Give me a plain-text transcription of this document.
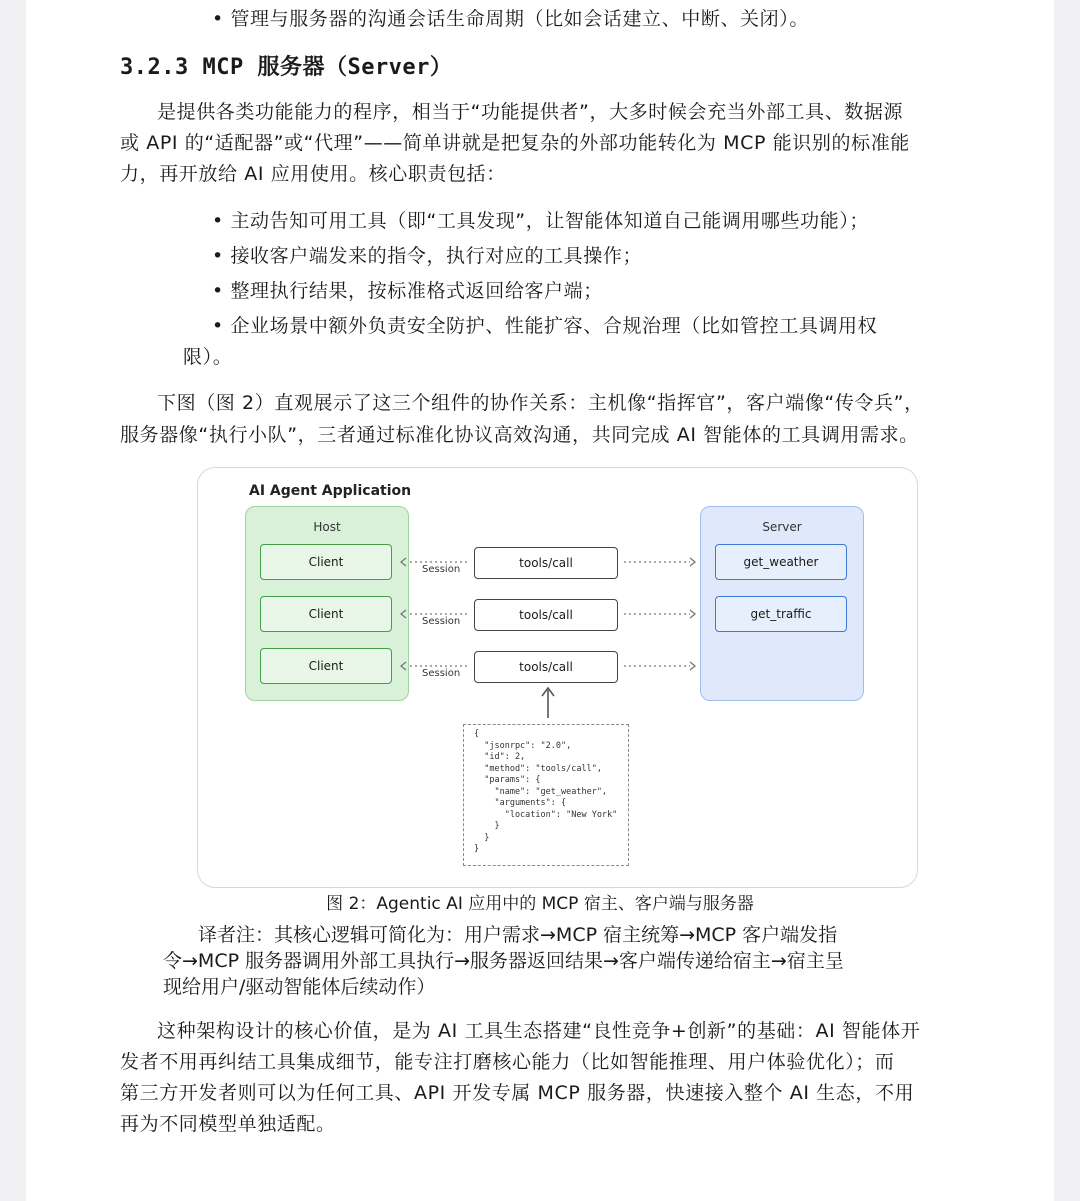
• 管理与服务器的沟通会话生命周期（比如会话建立、中断、关闭）。
3.2.3 MCP 服务器（Server）
是提供各类功能能力的程序，相当于“功能提供者”，大多时候会充当外部工具、数据源
或 API 的“适配器”或“代理”——简单讲就是把复杂的外部功能转化为 MCP 能识别的标准能
力，再开放给 AI 应用使用。核心职责包括：
• 主动告知可用工具（即“工具发现”，让智能体知道自己能调用哪些功能）；
• 接收客户端发来的指令，执行对应的工具操作；
• 整理执行结果，按标准格式返回给客户端；
• 企业场景中额外负责安全防护、性能扩容、合规治理（比如管控工具调用权
限）。
下图（图 2）直观展示了这三个组件的协作关系：主机像“指挥官”，客户端像“传令兵”，
服务器像“执行小队”，三者通过标准化协议高效沟通，共同完成 AI 智能体的工具调用需求。
AI Agent Application
Host
Client
Client
Client
tools/call
tools/call
tools/call
Session
Session
Session
Server
get_weather
get_traffic
{
"jsonrpc": "2.0",
"id": 2,
"method": "tools/call",
"params": {
"name": "get_weather",
"arguments": {
"location": "New York"
}
}
}
图 2：Agentic AI 应用中的 MCP 宿主、客户端与服务器
译者注：其核心逻辑可简化为：用户需求→MCP 宿主统筹→MCP 客户端发指
令→MCP 服务器调用外部工具执行→服务器返回结果→客户端传递给宿主→宿主呈
现给用户/驱动智能体后续动作）
这种架构设计的核心价值，是为 AI 工具生态搭建“良性竞争+创新”的基础：AI 智能体开
发者不用再纠结工具集成细节，能专注打磨核心能力（比如智能推理、用户体验优化）；而
第三方开发者则可以为任何工具、API 开发专属 MCP 服务器，快速接入整个 AI 生态，不用
再为不同模型单独适配。
